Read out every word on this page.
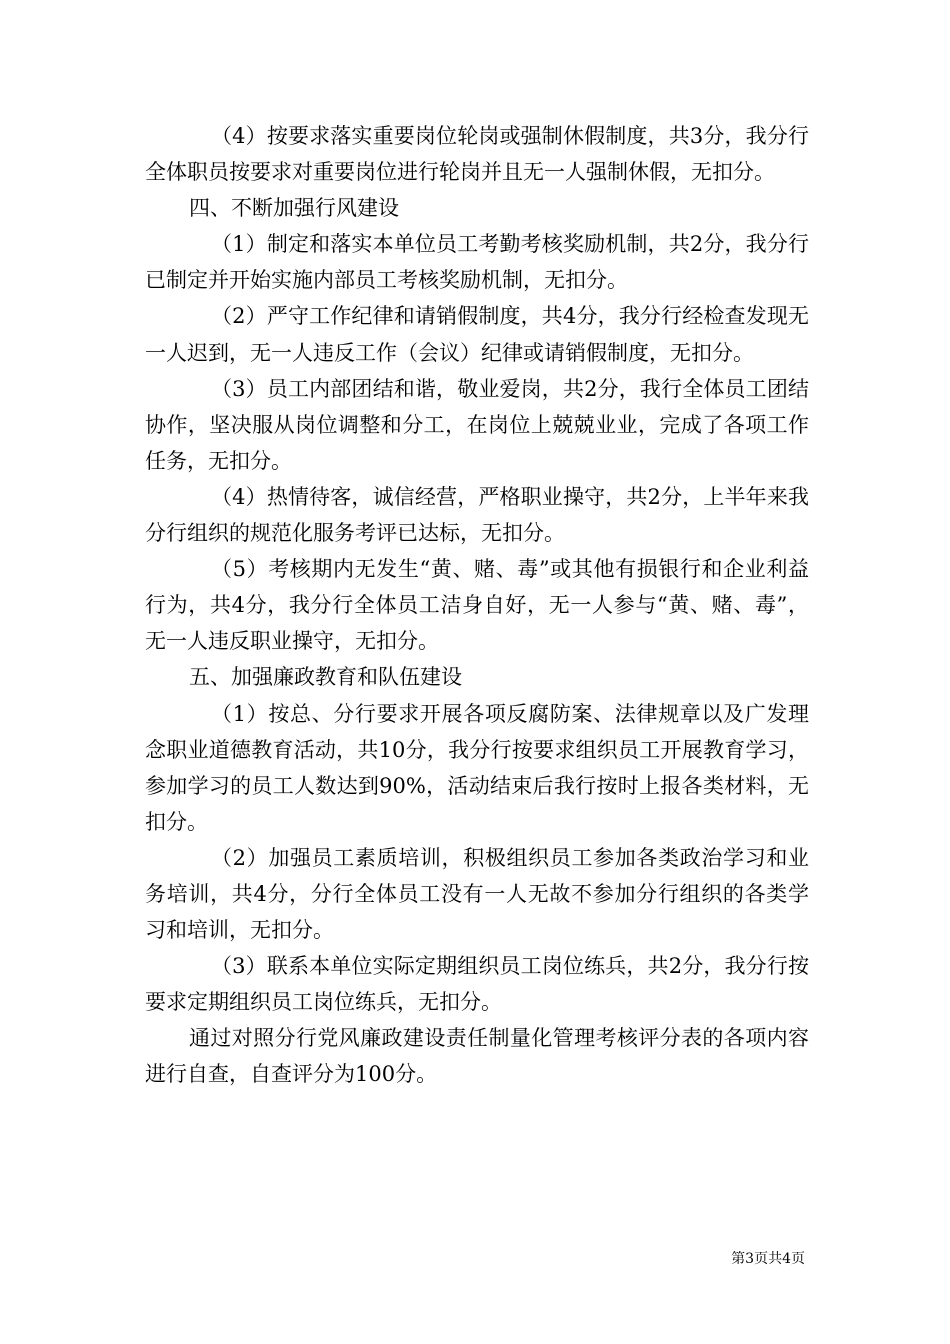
（4）按要求落实重要岗位轮岗或强制休假制度，共3分，我分行全体职员按要求对重要岗位进行轮岗并且无一人强制休假，无扣分。

四、不断加强行风建设

（1）制定和落实本单位员工考勤考核奖励机制，共2分，我分行已制定并开始实施内部员工考核奖励机制，无扣分。

（2）严守工作纪律和请销假制度，共4分，我分行经检查发现无一人迟到，无一人违反工作（会议）纪律或请销假制度，无扣分。

（3）员工内部团结和谐，敬业爱岗，共2分，我行全体员工团结协作，坚决服从岗位调整和分工，在岗位上兢兢业业，完成了各项工作任务，无扣分。

（4）热情待客，诚信经营，严格职业操守，共2分，上半年来我分行组织的规范化服务考评已达标，无扣分。

（5）考核期内无发生“黄、赌、毒”或其他有损银行和企业利益行为，共4分，我分行全体员工洁身自好，无一人参与“黄、赌、毒”，无一人违反职业操守，无扣分。

五、加强廉政教育和队伍建设

（1）按总、分行要求开展各项反腐防案、法律规章以及广发理念职业道德教育活动，共10分，我分行按要求组织员工开展教育学习，参加学习的员工人数达到90%，活动结束后我行按时上报各类材料，无扣分。

（2）加强员工素质培训，积极组织员工参加各类政治学习和业务培训，共4分，分行全体员工没有一人无故不参加分行组织的各类学习和培训，无扣分。

（3）联系本单位实际定期组织员工岗位练兵，共2分，我分行按要求定期组织员工岗位练兵，无扣分。

通过对照分行党风廉政建设责任制量化管理考核评分表的各项内容进行自查，自查评分为100分。

第3页共4页
